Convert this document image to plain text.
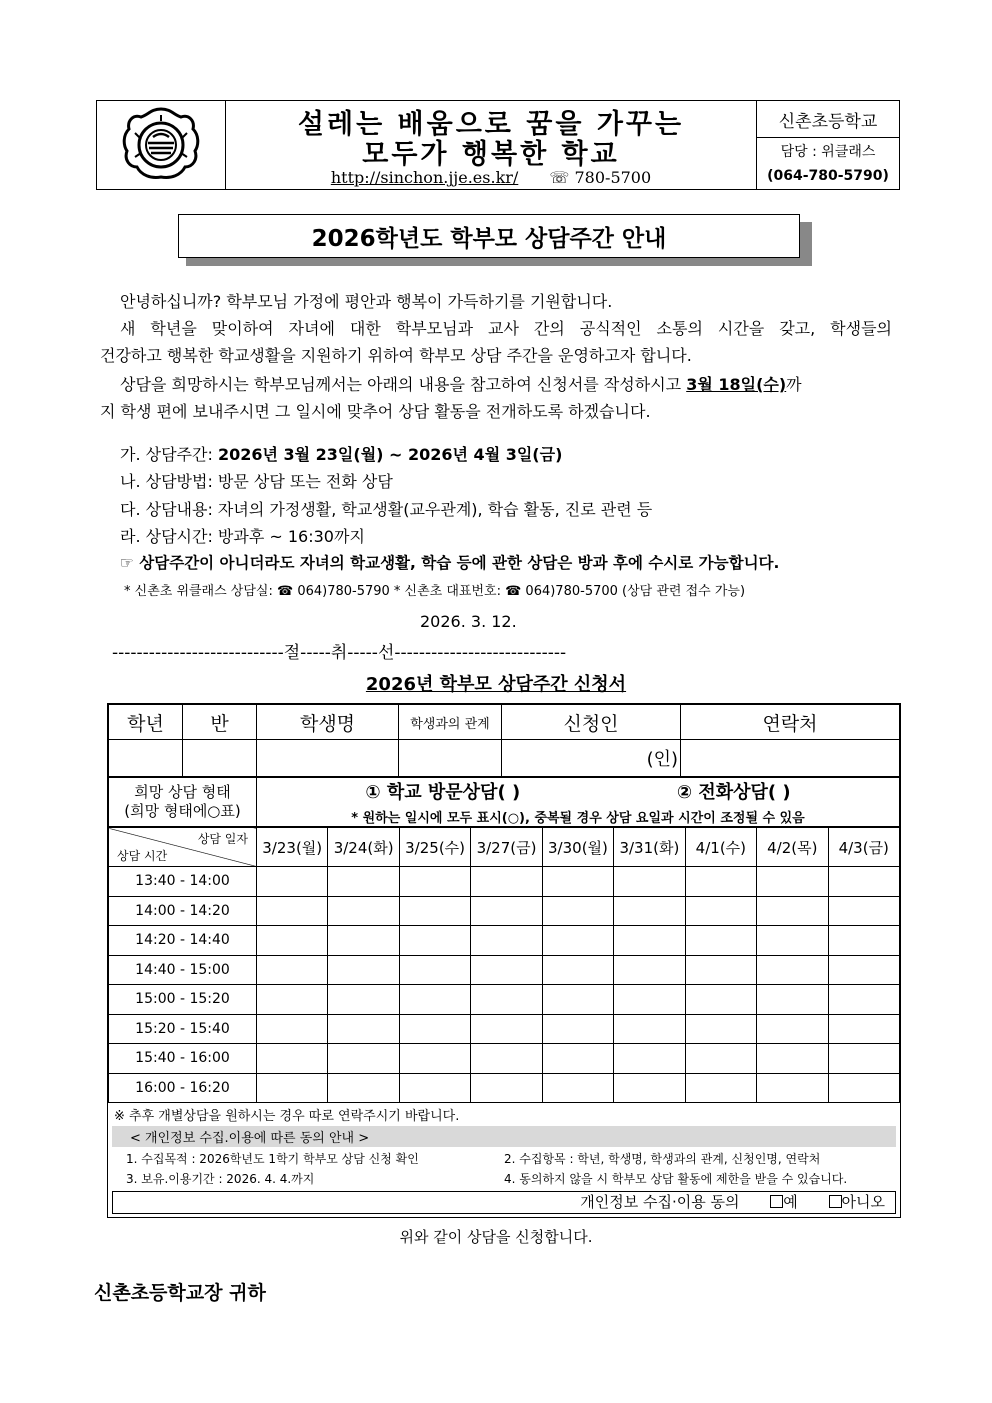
설레는 배움으로 꿈을 가꾸는
모두가 행복한 학교
http://sinchon.jje.es.kr/ ☏ 780-5700
신촌초등학교
담당 : 위클래스
(064-780-5790)
2026학년도 학부모 상담주간 안내
안녕하십니까? 학부모님 가정에 평안과 행복이 가득하기를 기원합니다.
새 학년을 맞이하여 자녀에 대한 학부모님과 교사 간의 공식적인 소통의 시간을 갖고, 학생들의
건강하고 행복한 학교생활을 지원하기 위하여 학부모 상담 주간을 운영하고자 합니다.
상담을 희망하시는 학부모님께서는 아래의 내용을 참고하여 신청서를 작성하시고 3월 18일(수)까
지 학생 편에 보내주시면 그 일시에 맞추어 상담 활동을 전개하도록 하겠습니다.
가. 상담주간: 2026년 3월 23일(월) ~ 2026년 4월 3일(금)
나. 상담방법: 방문 상담 또는 전화 상담
다. 상담내용: 자녀의 가정생활, 학교생활(교우관계), 학습 활동, 진로 관련 등
라. 상담시간: 방과후 ~ 16:30까지
☞ 상담주간이 아니더라도 자녀의 학교생활, 학습 등에 관한 상담은 방과 후에 수시로 가능합니다.
* 신촌초 위클래스 상담실: ☎ 064)780-5790 * 신촌초 대표번호: ☎ 064)780-5700 (상담 관련 접수 가능)
2026. 3. 12.
----------------------------절-----취-----선----------------------------
2026년 학부모 상담주간 신청서
학년	반	학생명	학생과의 관계	신청인	연락처
				(인)	
희망 상담 형태
(희망 형태에○표)

① 학교 방문상담( )	② 전화상담( )
* 원하는 일시에 모두 표시(○), 중복될 경우 상담 요일과 시간이 조정될 수 있음
상담 일자
상담 시간	3/23(월)	3/24(화)	3/25(수)	3/27(금)	3/30(월)	3/31(화)	4/1(수)	4/2(목)	4/3(금)
13:40 - 14:00									
14:00 - 14:20									
14:20 - 14:40									
14:40 - 15:00									
15:00 - 15:20									
15:20 - 15:40									
15:40 - 16:00									
16:00 - 16:20									
※ 추후 개별상담을 원하시는 경우 따로 연락주시기 바랍니다.
< 개인정보 수집.이용에 따른 동의 안내 >
1. 수집목적 : 2026학년도 1학기 학부모 상담 신청 확인	2. 수집항목 : 학년, 학생명, 학생과의 관계, 신청인명, 연락처
3. 보유.이용기간 : 2026. 4. 4.까지	4. 동의하지 않을 시 학부모 상담 활동에 제한을 받을 수 있습니다.
개인정보 수집·이용 동의	예	아니오
위와 같이 상담을 신청합니다.
신촌초등학교장 귀하
